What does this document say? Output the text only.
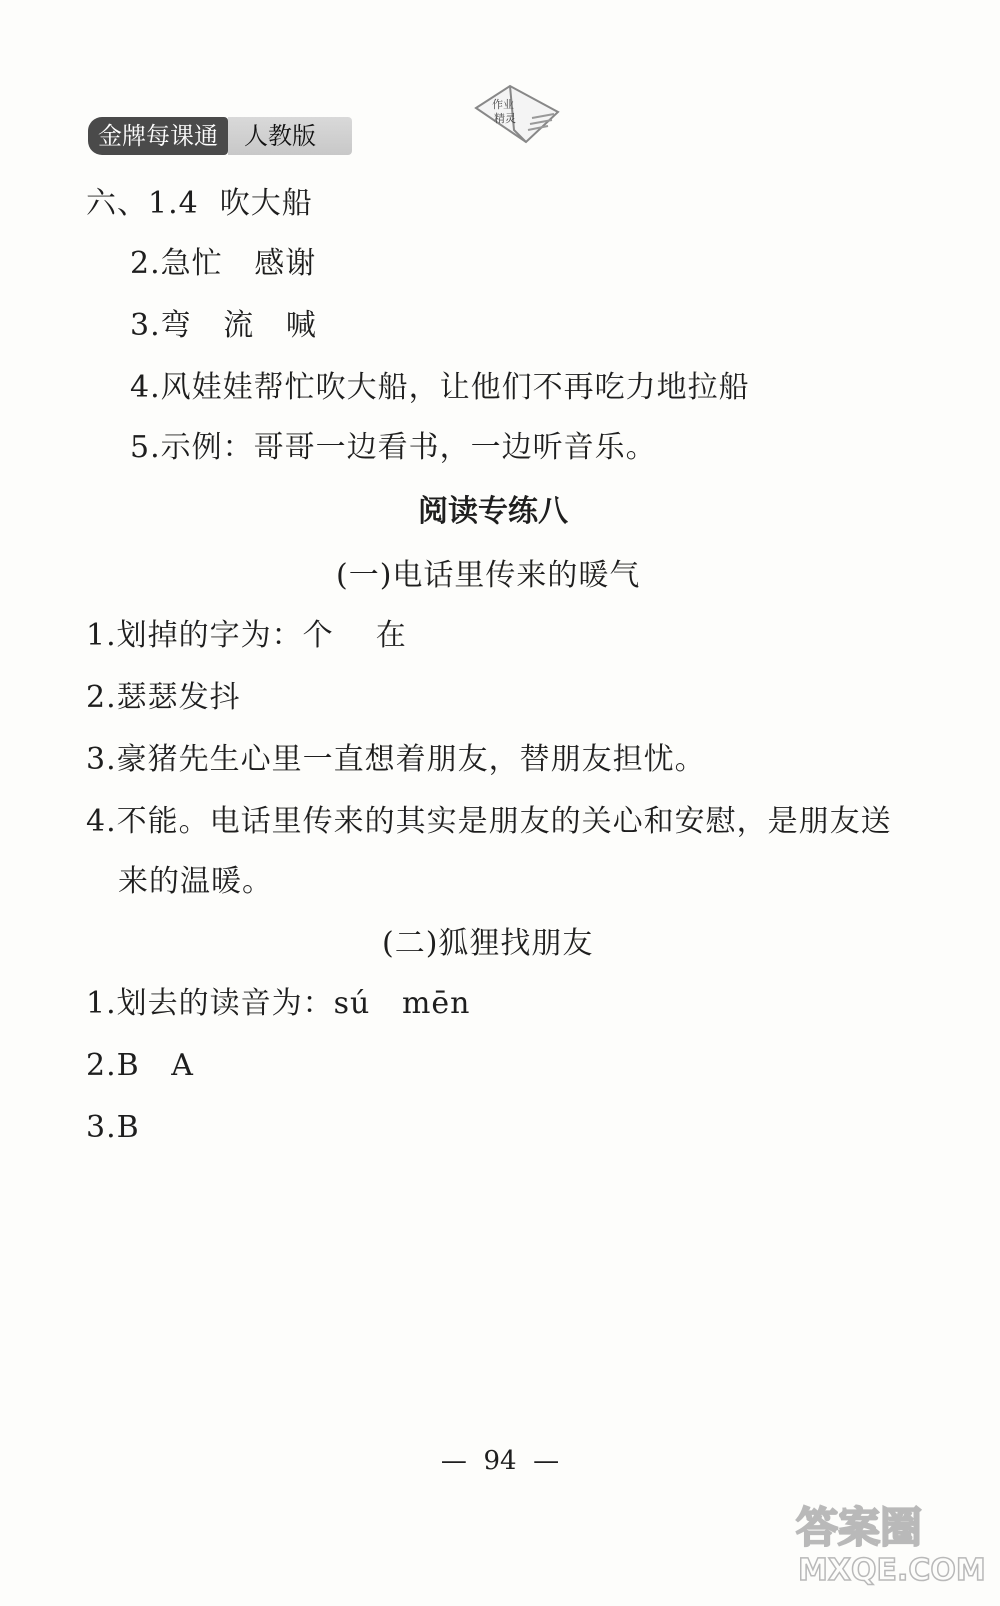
金牌每课通	人教版
作业
精灵
六、1.4  吹大船
2.急忙   感谢
3.弯   流   喊
4.风娃娃帮忙吹大船，让他们不再吃力地拉船
5.示例：哥哥一边看书，一边听音乐。
阅读专练八
(一)电话里传来的暖气
1.划掉的字为：个    在
2.瑟瑟发抖
3.豪猪先生心里一直想着朋友，替朋友担忧。
4.不能。电话里传来的其实是朋友的关心和安慰，是朋友送
来的温暖。
(二)狐狸找朋友
1.划去的读音为：sú   mēn
2.B   A
3.B
—  94  —
答案圈
MXQE.COM
